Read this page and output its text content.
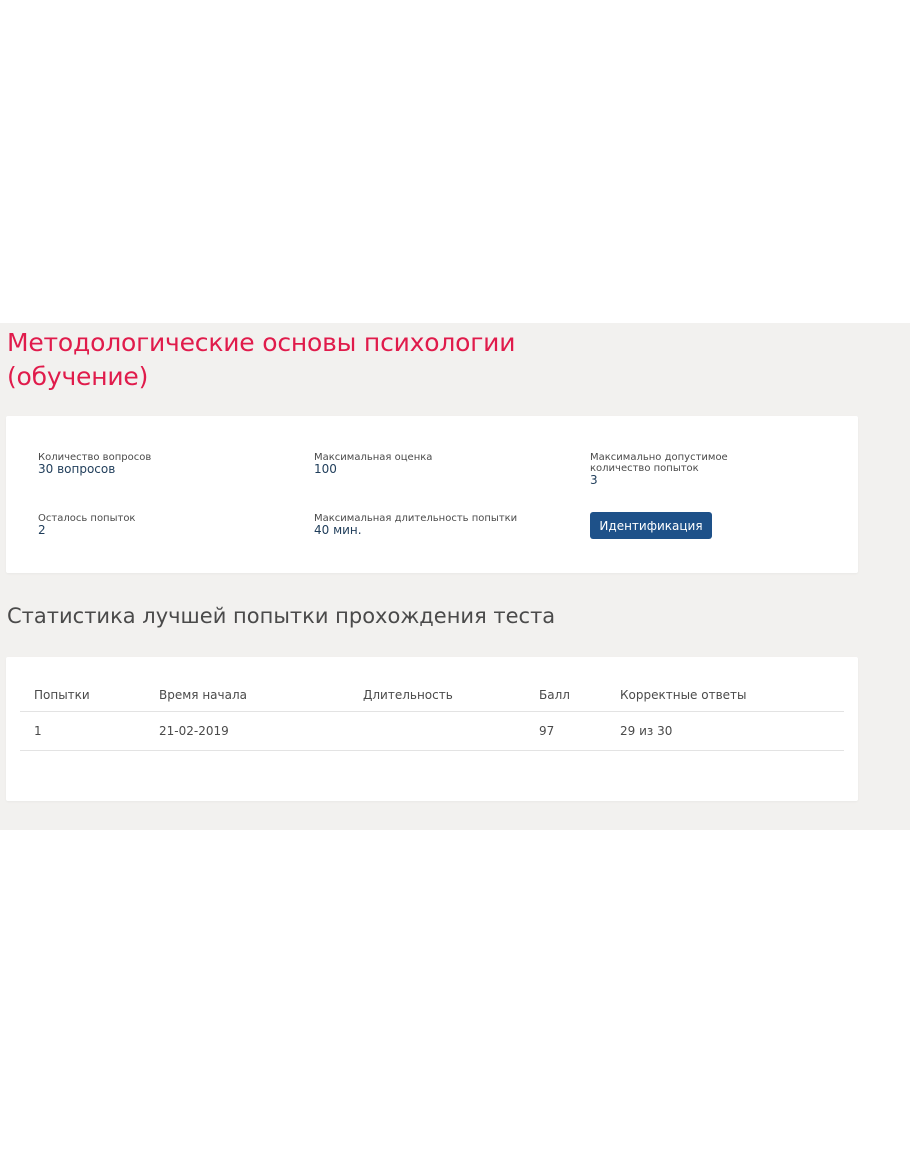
Методологические основы психологии (обучение)
Количество вопросов
30 вопросов
Максимальная оценка
100
Максимально допустимое количество попыток
3
Осталось попыток
2
Максимальная длительность попытки
40 мин.	Идентификация
Статистика лучшей попытки прохождения теста
Попытки	Время начала	Длительность	Балл	Корректные ответы
1	21-02-2019		97	29 из 30
